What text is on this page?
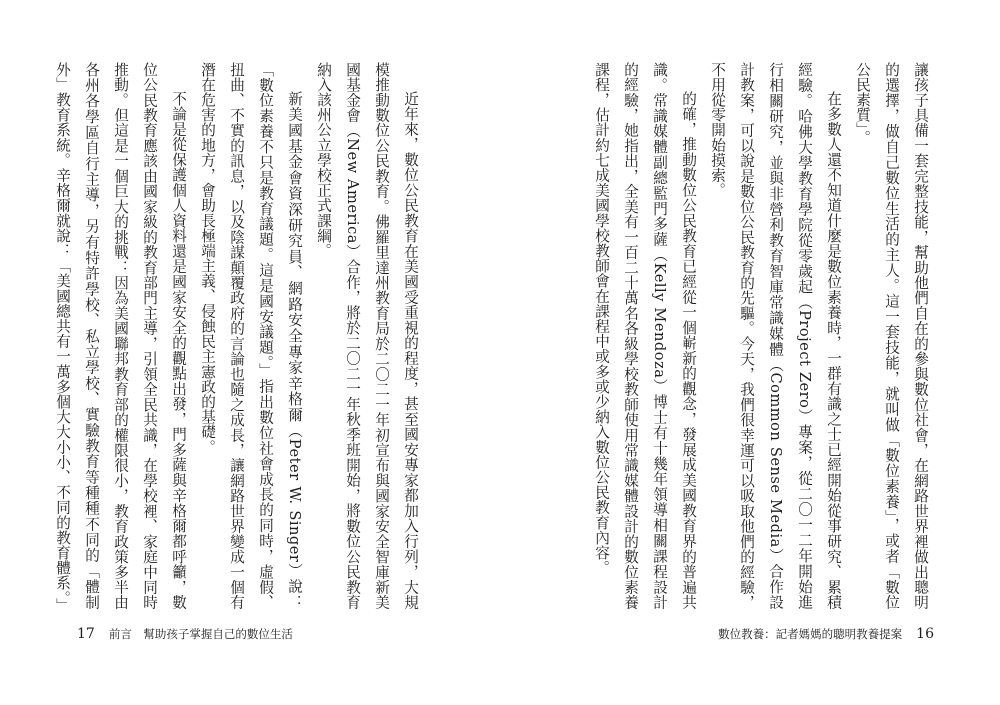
近年來，數位公民教育在美國受重視的程度，甚至國安專家都加入行列，大規模推動數位公民教育。佛羅里達州教育局於二〇二一年初宣布與國家安全智庫新美國基金會（New America）合作，將於二〇二一年秋季班開始，將數位公民教育納入該州公立學校正式課綱。

新美國基金會資深研究員、網路安全專家辛格爾（Peter W. Singer）說：「數位素養不只是教育議題。這是國安議題。」指出數位社會成長的同時，虛假、扭曲、不實的訊息，以及陰謀顛覆政府的言論也隨之成長，讓網路世界變成一個有潛在危害的地方，會助長極端主義、侵蝕民主憲政的基礎。

不論是從保護個人資料還是國家安全的觀點出發，門多薩與辛格爾都呼籲，數位公民教育應該由國家級的教育部門主導，引領全民共識，在學校裡、家庭中同時推動。但這是一個巨大的挑戰：因為美國聯邦教育部的權限很小，教育政策多半由各州各學區自行主導，另有特許學校、私立學校、實驗教育等種種不同的「體制外」教育系統。辛格爾就說：「美國總共有一萬多個大大小小、不同的教育體系。」

17 前言　幫助孩子掌握自己的數位生活

讓孩子具備一套完整技能，幫助他們自在的參與數位社會，在網路世界裡做出聰明的選擇，做自己數位生活的主人。這一套技能，就叫做「數位素養」，或者「數位公民素質」。

在多數人還不知道什麼是數位素養時，一群有識之士已經開始從事研究、累積經驗。哈佛大學教育學院從零歲起（Project Zero）專案，從二〇一二年開始進行相關研究，並與非營利教育智庫常識媒體（Common Sense Media）合作設計教案，可以說是數位公民教育的先驅。今天，我們很幸運可以吸取他們的經驗，不用從零開始摸索。

的確，推動數位公民教育已經從一個嶄新的觀念，發展成美國教育界的普遍共識。常識媒體副總監門多薩（Kelly Mendoza）博士有十幾年領導相關課程設計的經驗，她指出，全美有一百二十萬名各級學校教師使用常識媒體設計的數位素養課程，估計約七成美國學校教師會在課程中或多或少納入數位公民教育內容。

數位教養：記者媽媽的聰明教養提案 16
